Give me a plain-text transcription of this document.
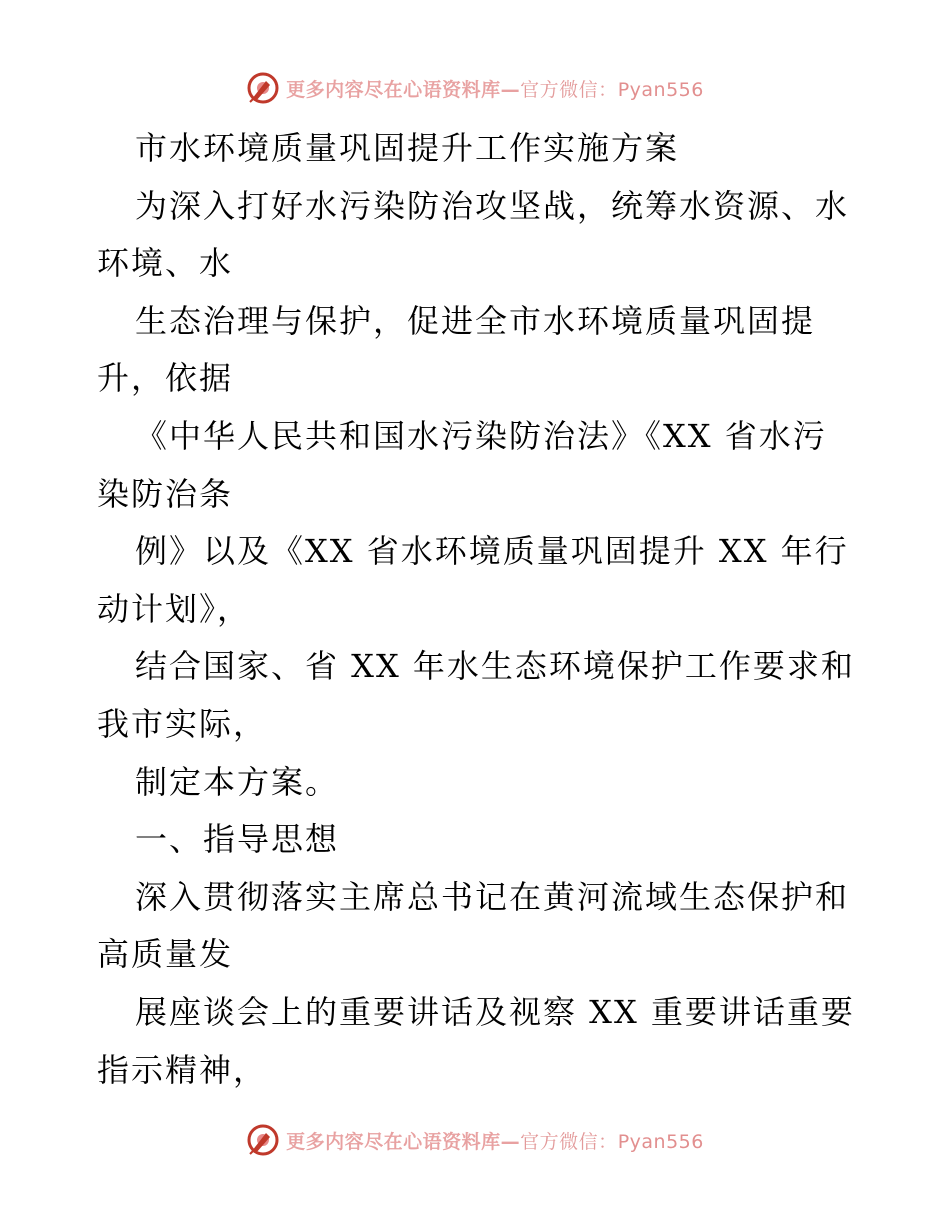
更多内容尽在心语资料库—官方微信：Pyan556
市水环境质量巩固提升工作实施方案
为深入打好水污染防治攻坚战，统筹水资源、水
环境、水
生态治理与保护，促进全市水环境质量巩固提
升，依据
《中华人民共和国水污染防治法》《XX 省水污
染防治条
例》以及《XX 省水环境质量巩固提升 XX 年行
动计划》，
结合国家、省 XX 年水生态环境保护工作要求和
我市实际，
制定本方案。
一、指导思想
深入贯彻落实主席总书记在黄河流域生态保护和
高质量发
展座谈会上的重要讲话及视察 XX 重要讲话重要
指示精神，
更多内容尽在心语资料库—官方微信：Pyan556
